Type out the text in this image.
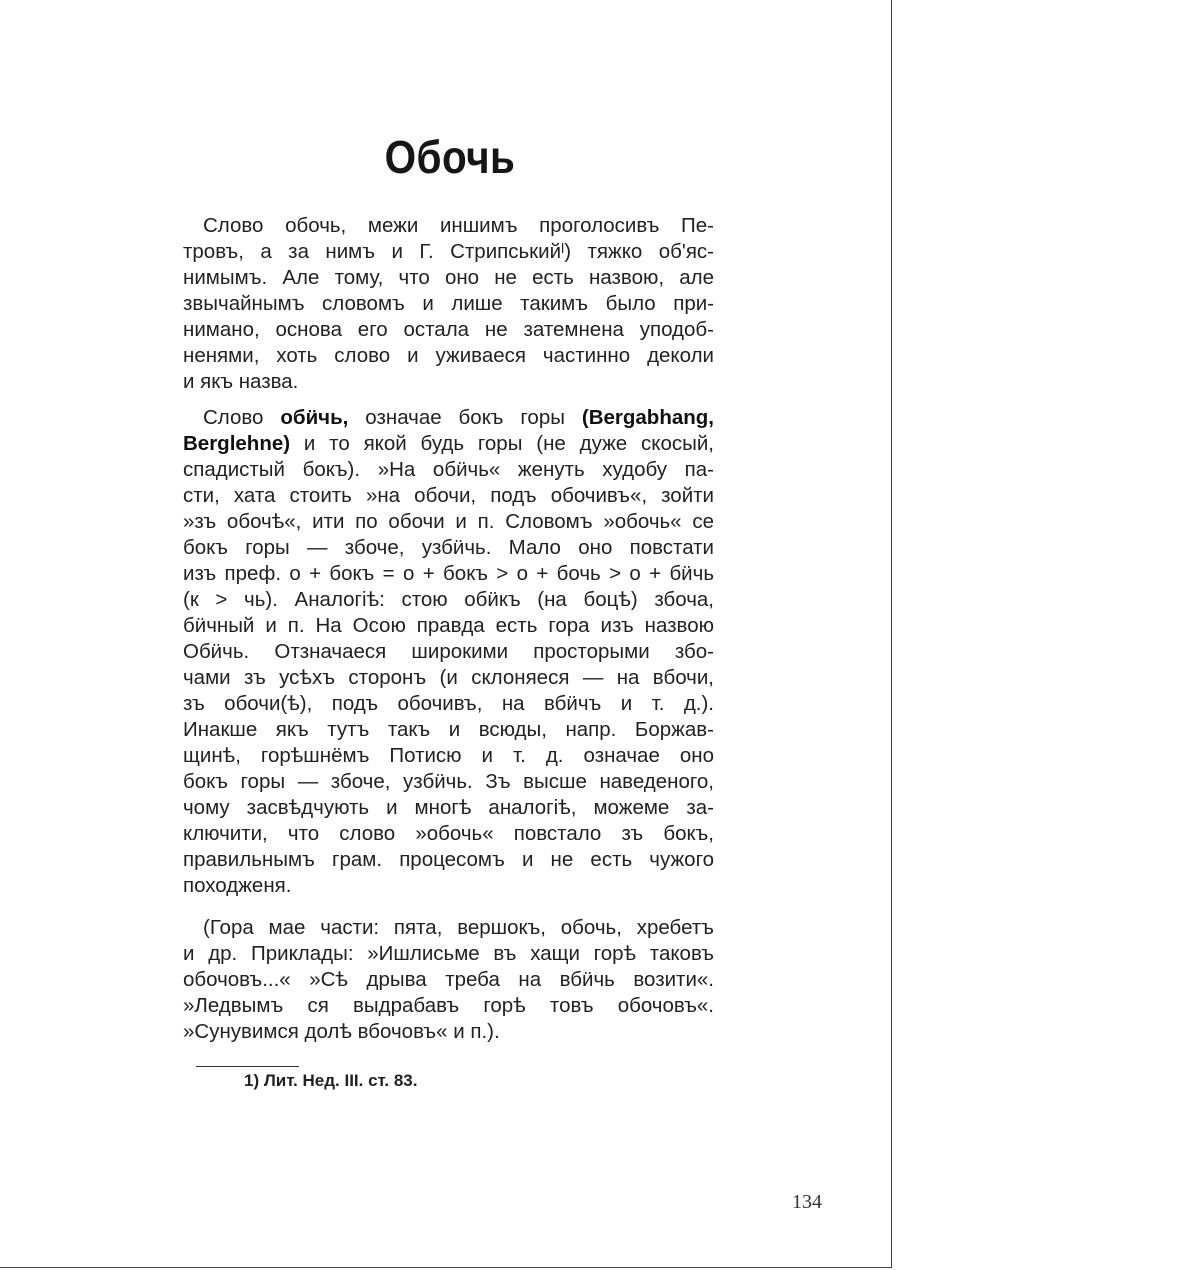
Обочь
Слово обочь, межи иншимъ проголосивъ Пе-
тровъ, а за нимъ и Г. Стрипськийˡ) тяжко об'яс-
нимымъ. Але тому, что оно не есть назвою, але
звычайнымъ словомъ и лише такимъ было при-
нимано, основа его остала не затемнена уподоб-
ненями, хоть слово и уживаеся частинно деколи
и якъ назва.
Слово обӥчь, означае бокъ горы (Bergabhang,
Berglehne) и то якой будь горы (не дуже скосый,
спадистый бокъ). »На обӥчь« женуть худобу па-
сти, хата стоить »на обочи, подъ обочивъ«, зойти
»зъ обочѣ«, ити по обочи и п. Словомъ »обочь« се
бокъ горы — збоче, узбӥчь. Мало оно повстати
изъ преф. о + бокъ = о + бокъ > о + бочь > о + бӥчь
(к > чь). Аналогiѣ: стою обӥкъ (на боцѣ) збоча,
бӥчный и п. На Осою правда есть гора изъ назвою
Обӥчь. Отзначаеся широкими просторыми збо-
чами зъ усѣхъ сторонъ (и склоняеся — на вбочи,
зъ обочи(ѣ), подъ обочивъ, на вбӥчъ и т. д.).
Инакше якъ тутъ такъ и всюды, напр. Боржав-
щинѣ, горѣшнёмъ Потисю и т. д. означае оно
бокъ горы — збоче, узбӥчь. Зъ высше наведеного,
чому засвѣдчують и многѣ аналогiѣ, можеме за-
ключити, что слово »обочь« повстало зъ бокъ,
правильнымъ грам. процесомъ и не есть чужого
походженя.
(Гора мае части: пята, вершокъ, обочь, хребетъ
и др. Приклады: »Ишлисьме въ хащи горѣ таковъ
обочовъ...« »Сѣ дрыва треба на вбӥчь возити«.
»Ледвымъ ся выдрабавъ горѣ товъ обочовъ«.
»Сунувимся долѣ вбочовъ« и п.).
1) Лит. Нед. III. ст. 83.
134
